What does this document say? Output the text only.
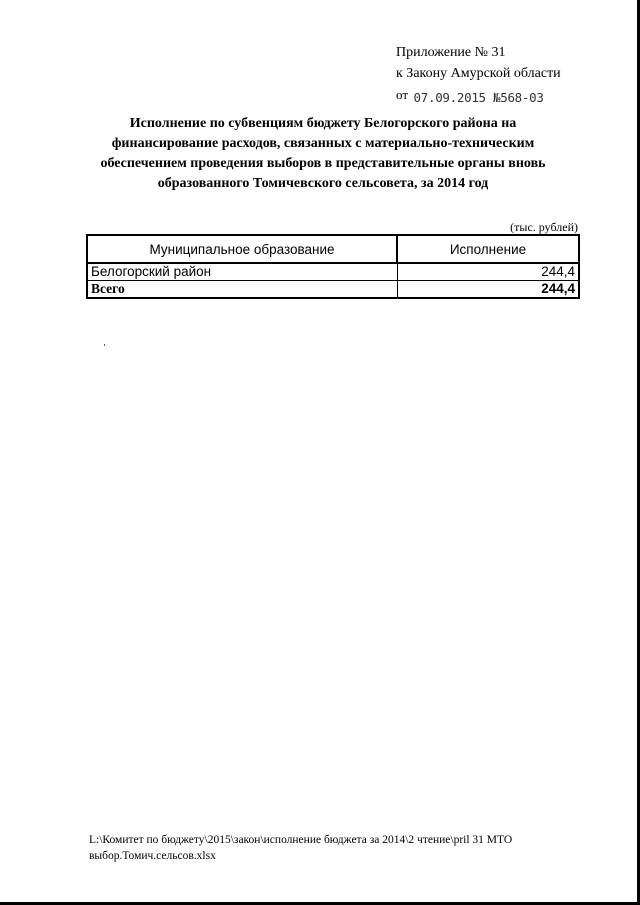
Приложение № 31
к Закону Амурской области
от 07.09.2015 №568-03
Исполнение по субвенциям бюджету Белогорского района на финансирование расходов, связанных с материально-техническим обеспечением проведения выборов в представительные органы вновь образованного Томичевского сельсовета, за 2014 год
(тыс. рублей)
Муниципальное образование	Исполнение
Белогорский район	244,4
Всего	244,4
L:\Комитет по бюджету\2015\закон\исполнение бюджета за 2014\2 чтение\pril 31 МТО
выбор.Томич.сельсов.xlsx
